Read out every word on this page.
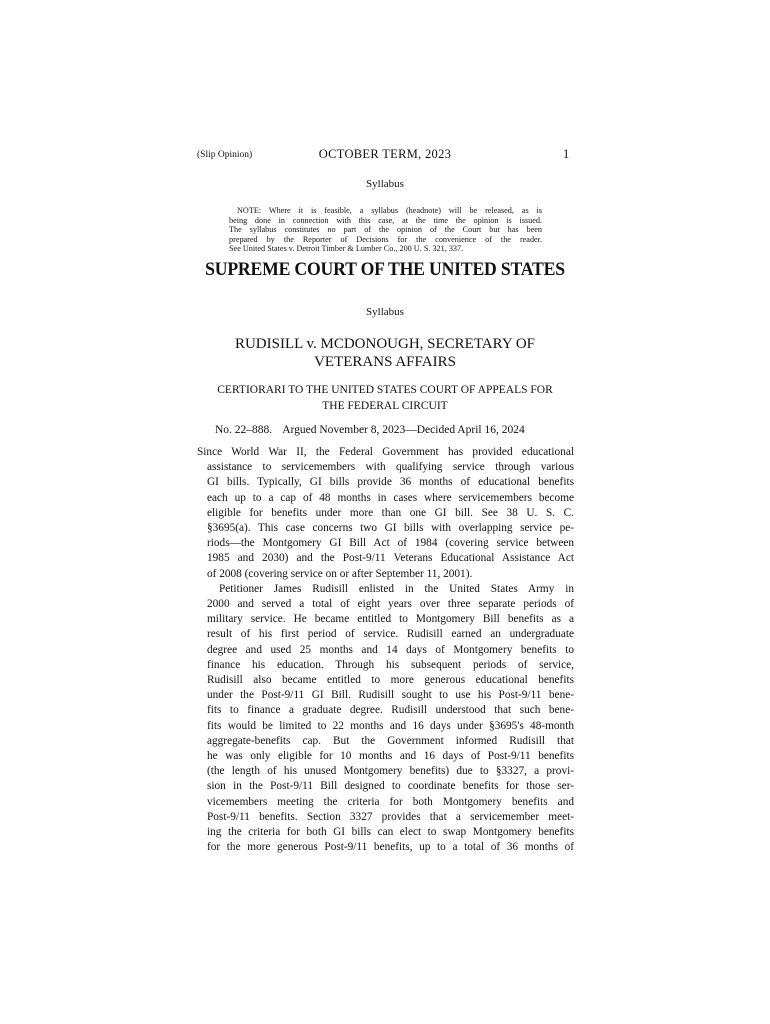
(Slip Opinion)	OCTOBER TERM, 2023	1
Syllabus
NOTE: Where it is feasible, a syllabus (headnote) will be released, as is
being done in connection with this case, at the time the opinion is issued.
The syllabus constitutes no part of the opinion of the Court but has been
prepared by the Reporter of Decisions for the convenience of the reader.
See United States v. Detroit Timber & Lumber Co., 200 U. S. 321, 337.
SUPREME COURT OF THE UNITED STATES
Syllabus
RUDISILL v. MCDONOUGH, SECRETARY OF
VETERANS AFFAIRS
CERTIORARI TO THE UNITED STATES COURT OF APPEALS FOR
THE FEDERAL CIRCUIT
No. 22–888. Argued November 8, 2023—Decided April 16, 2024
Since World War II, the Federal Government has provided educational
assistance to servicemembers with qualifying service through various
GI bills. Typically, GI bills provide 36 months of educational benefits
each up to a cap of 48 months in cases where servicemembers become
eligible for benefits under more than one GI bill. See 38 U. S. C.
§3695(a). This case concerns two GI bills with overlapping service pe-
riods—the Montgomery GI Bill Act of 1984 (covering service between
1985 and 2030) and the Post-9/11 Veterans Educational Assistance Act
of 2008 (covering service on or after September 11, 2001).
Petitioner James Rudisill enlisted in the United States Army in
2000 and served a total of eight years over three separate periods of
military service. He became entitled to Montgomery Bill benefits as a
result of his first period of service. Rudisill earned an undergraduate
degree and used 25 months and 14 days of Montgomery benefits to
finance his education. Through his subsequent periods of service,
Rudisill also became entitled to more generous educational benefits
under the Post-9/11 GI Bill. Rudisill sought to use his Post-9/11 bene-
fits to finance a graduate degree. Rudisill understood that such bene-
fits would be limited to 22 months and 16 days under §3695's 48-month
aggregate-benefits cap. But the Government informed Rudisill that
he was only eligible for 10 months and 16 days of Post-9/11 benefits
(the length of his unused Montgomery benefits) due to §3327, a provi-
sion in the Post-9/11 Bill designed to coordinate benefits for those ser-
vicemembers meeting the criteria for both Montgomery benefits and
Post-9/11 benefits. Section 3327 provides that a servicemember meet-
ing the criteria for both GI bills can elect to swap Montgomery benefits
for the more generous Post-9/11 benefits, up to a total of 36 months of
